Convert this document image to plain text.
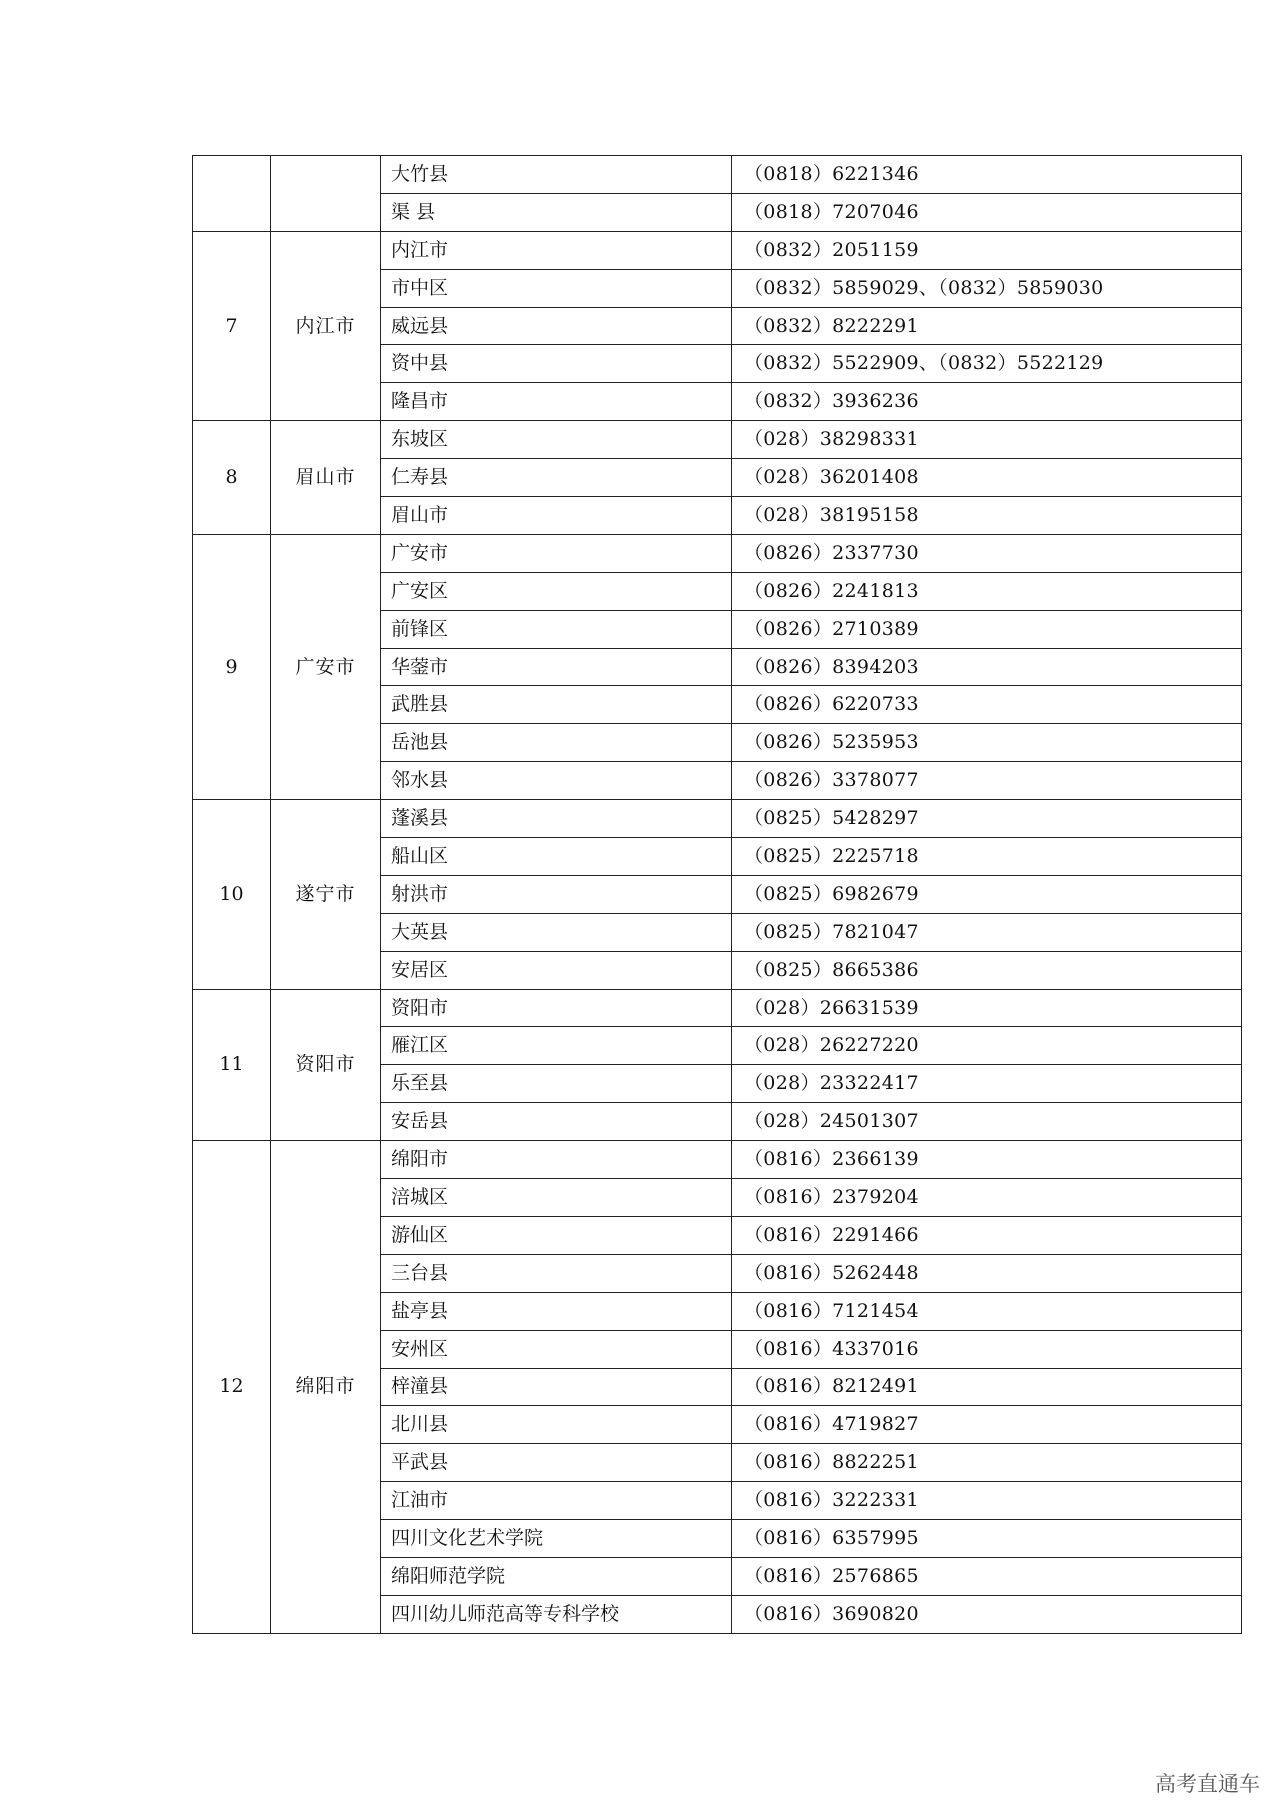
		大竹县	（0818）6221346
		渠 县	（0818）7207046
7	内江市	内江市	（0832）2051159
		市中区	（0832）5859029、（0832）5859030
		威远县	（0832）8222291
		资中县	（0832）5522909、（0832）5522129
		隆昌市	（0832）3936236
8	眉山市	东坡区	（028）38298331
		仁寿县	（028）36201408
		眉山市	（028）38195158
9	广安市	广安市	（0826）2337730
		广安区	（0826）2241813
		前锋区	（0826）2710389
		华蓥市	（0826）8394203
		武胜县	（0826）6220733
		岳池县	（0826）5235953
		邻水县	（0826）3378077
10	遂宁市	蓬溪县	（0825）5428297
		船山区	（0825）2225718
		射洪市	（0825）6982679
		大英县	（0825）7821047
		安居区	（0825）8665386
11	资阳市	资阳市	（028）26631539
		雁江区	（028）26227220
		乐至县	（028）23322417
		安岳县	（028）24501307
12	绵阳市	绵阳市	（0816）2366139
		涪城区	（0816）2379204
		游仙区	（0816）2291466
		三台县	（0816）5262448
		盐亭县	（0816）7121454
		安州区	（0816）4337016
		梓潼县	（0816）8212491
		北川县	（0816）4719827
		平武县	（0816）8822251
		江油市	（0816）3222331
		四川文化艺术学院	（0816）6357995
		绵阳师范学院	（0816）2576865
		四川幼儿师范高等专科学校	（0816）3690820
高考直通车
